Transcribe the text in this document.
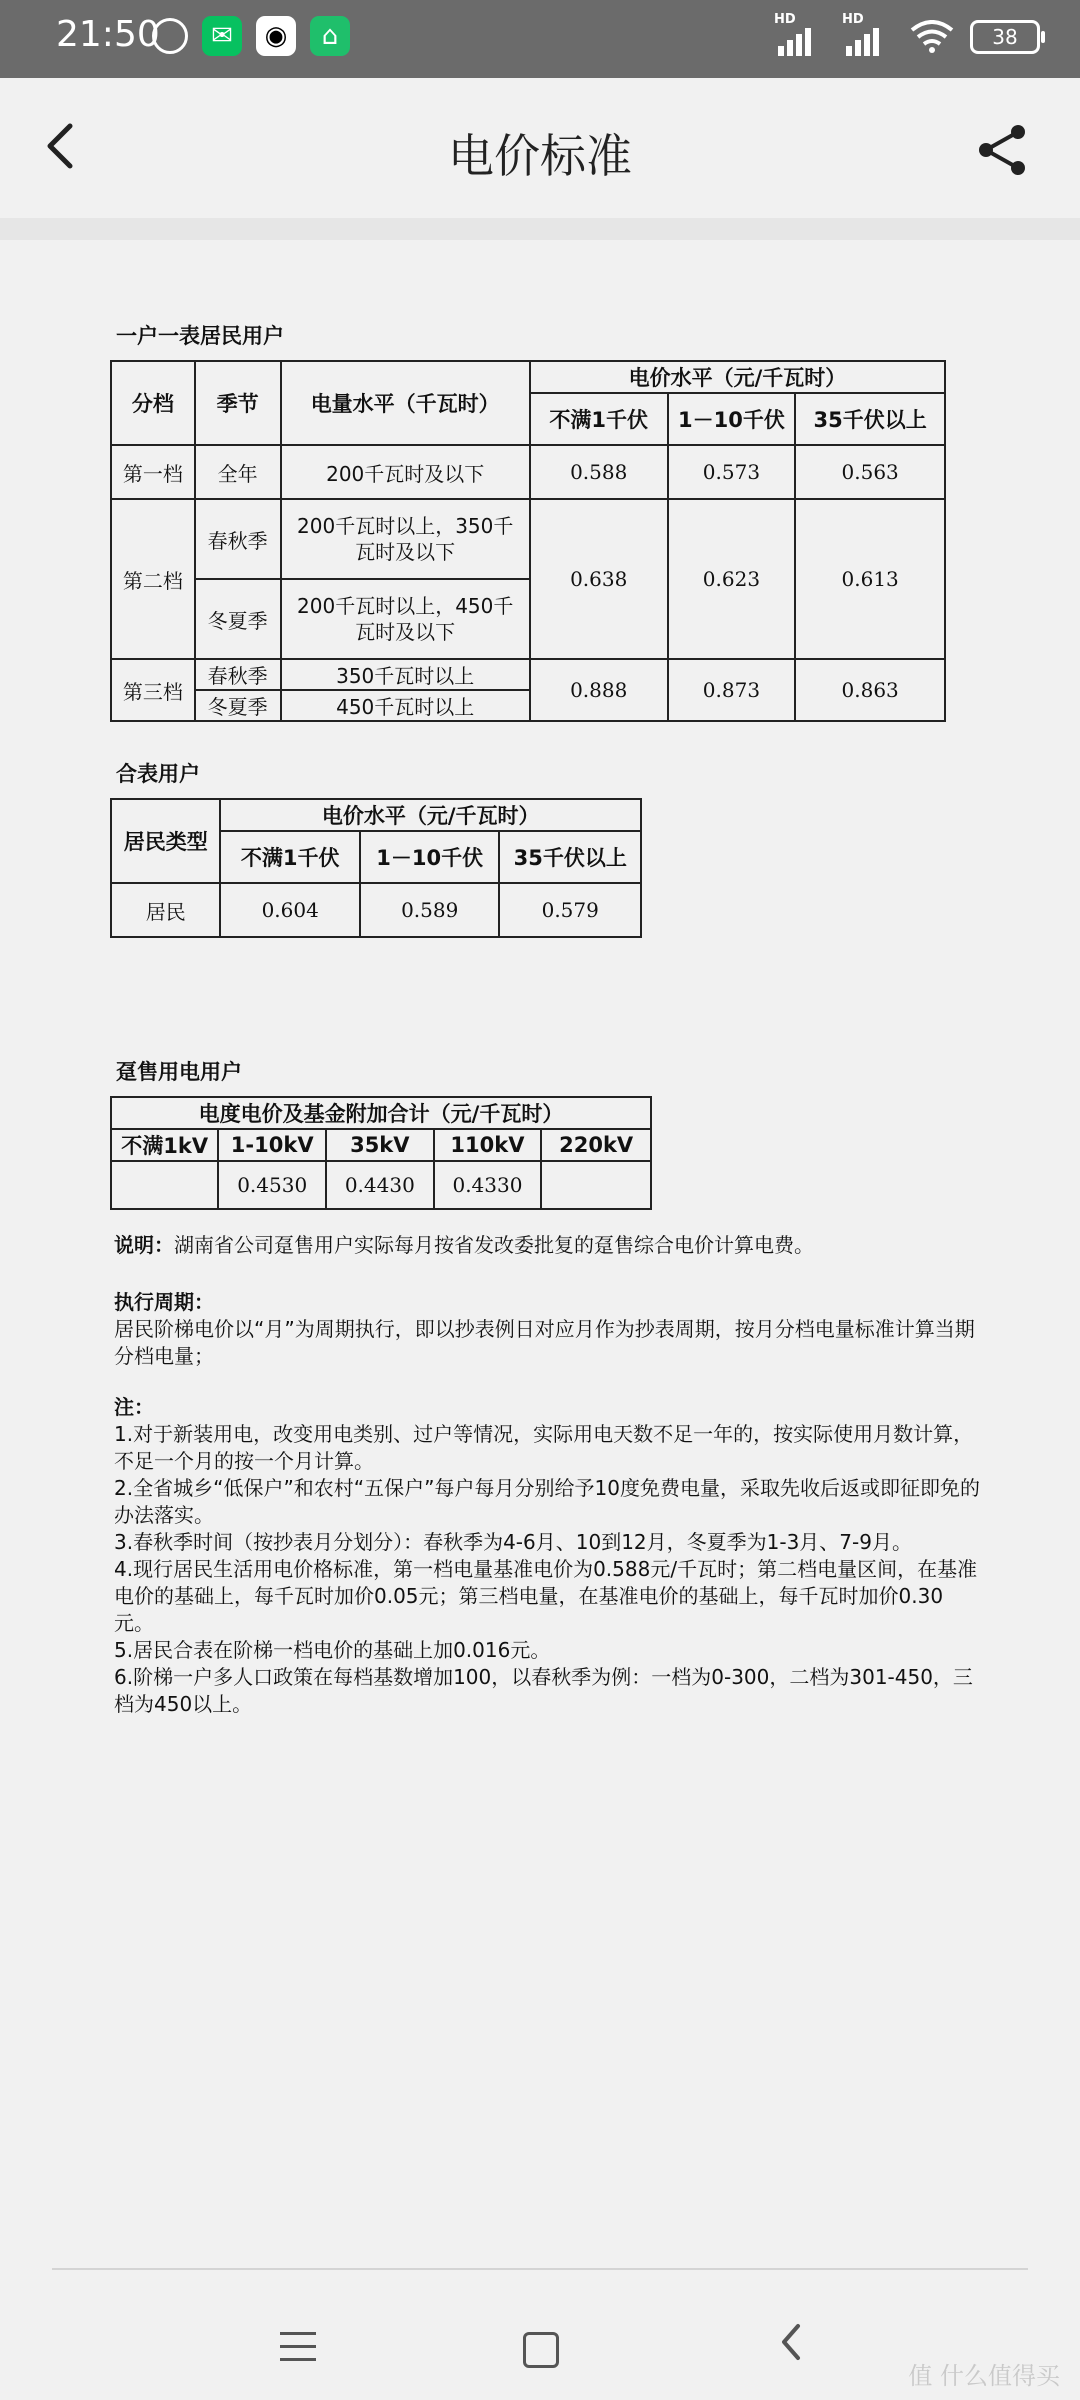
21:50	✉	◉	⌂
HD	HD
38
电价标准
一户一表居民用户
分档	季节	电量水平（千瓦时）	电价水平（元/千瓦时）		
			不满1千伏	1－10千伏	35千伏以上
第一档	全年	200千瓦时及以下	0.588	0.573	0.563
第二档	春秋季	200千瓦时以上，350千瓦时及以下	0.638	0.623	0.613
	冬夏季	200千瓦时以上，450千瓦时及以下			

第三档	春秋季	350千瓦时以上	0.888	0.873	0.863
	冬夏季	450千瓦时以上			
合表用户
居民类型	电价水平（元/千瓦时）		
	不满1千伏	1－10千伏	35千伏以上
居民	0.604	0.589	0.579
趸售用电用户
电度电价及基金附加合计（元/千瓦时）				
不满1kV	1-10kV	35kV	110kV	220kV
	0.4530	0.4430	0.4330	

说明：湖南省公司趸售用户实际每月按省发改委批复的趸售综合电价计算电费。

执行周期：

居民阶梯电价以“月”为周期执行，即以抄表例日对应月作为抄表周期，按月分档电量标准计算当期分档电量；

注：

1.对于新装用电，改变用电类别、过户等情况，实际用电天数不足一年的，按实际使用月数计算，不足一个月的按一个月计算。

2.全省城乡“低保户”和农村“五保户”每户每月分别给予10度免费电量，采取先收后返或即征即免的办法落实。

3.春秋季时间（按抄表月分划分）：春秋季为4-6月、10到12月，冬夏季为1-3月、7-9月。

4.现行居民生活用电价格标准，第一档电量基准电价为0.588元/千瓦时；第二档电量区间，在基准电价的基础上，每千瓦时加价0.05元；第三档电量，在基准电价的基础上，每千瓦时加价0.30元。

5.居民合表在阶梯一档电价的基础上加0.016元。

6.阶梯一户多人口政策在每档基数增加100，以春秋季为例：一档为0-300，二档为301-450，三档为450以上。

值 什么值得买
